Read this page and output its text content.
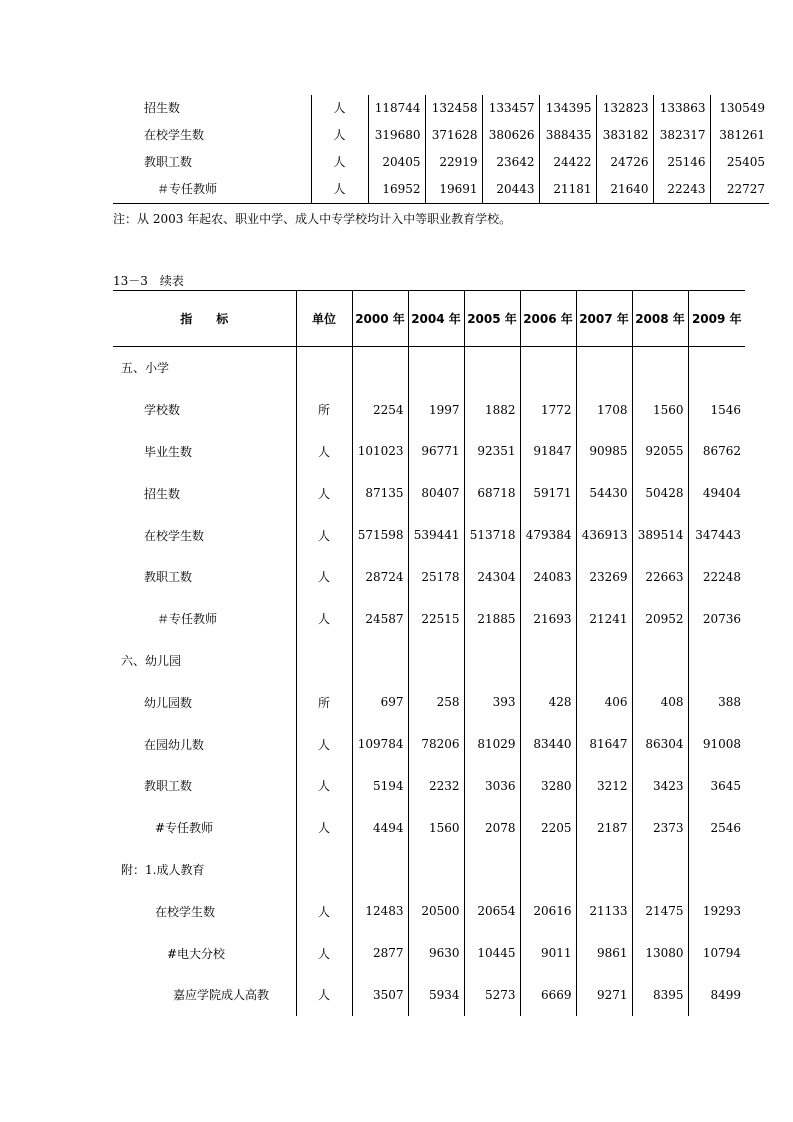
招生数	人	118744	132458	133457	134395	132823	133863	130549
在校学生数	人	319680	371628	380626	388435	383182	382317	381261
教职工数	人	20405	22919	23642	24422	24726	25146	25405
＃专任教师	人	16952	19691	20443	21181	21640	22243	22727
注：从 2003 年起农、职业中学、成人中专学校均计入中等职业教育学校。
13－3　续表
指　　标	单位	2000 年	2004 年	2005 年	2006 年	2007 年	2008 年	2009 年
五、小学								
学校数	所	2254	1997	1882	1772	1708	1560	1546
毕业生数	人	101023	96771	92351	91847	90985	92055	86762
招生数	人	87135	80407	68718	59171	54430	50428	49404
在校学生数	人	571598	539441	513718	479384	436913	389514	347443
教职工数	人	28724	25178	24304	24083	23269	22663	22248
＃专任教师	人	24587	22515	21885	21693	21241	20952	20736
六、幼儿园								
幼儿园数	所	697	258	393	428	406	408	388
在园幼儿数	人	109784	78206	81029	83440	81647	86304	91008
教职工数	人	5194	2232	3036	3280	3212	3423	3645
#专任教师	人	4494	1560	2078	2205	2187	2373	2546
附：1.成人教育								
在校学生数	人	12483	20500	20654	20616	21133	21475	19293
#电大分校	人	2877	9630	10445	9011	9861	13080	10794
嘉应学院成人高教	人	3507	5934	5273	6669	9271	8395	8499
